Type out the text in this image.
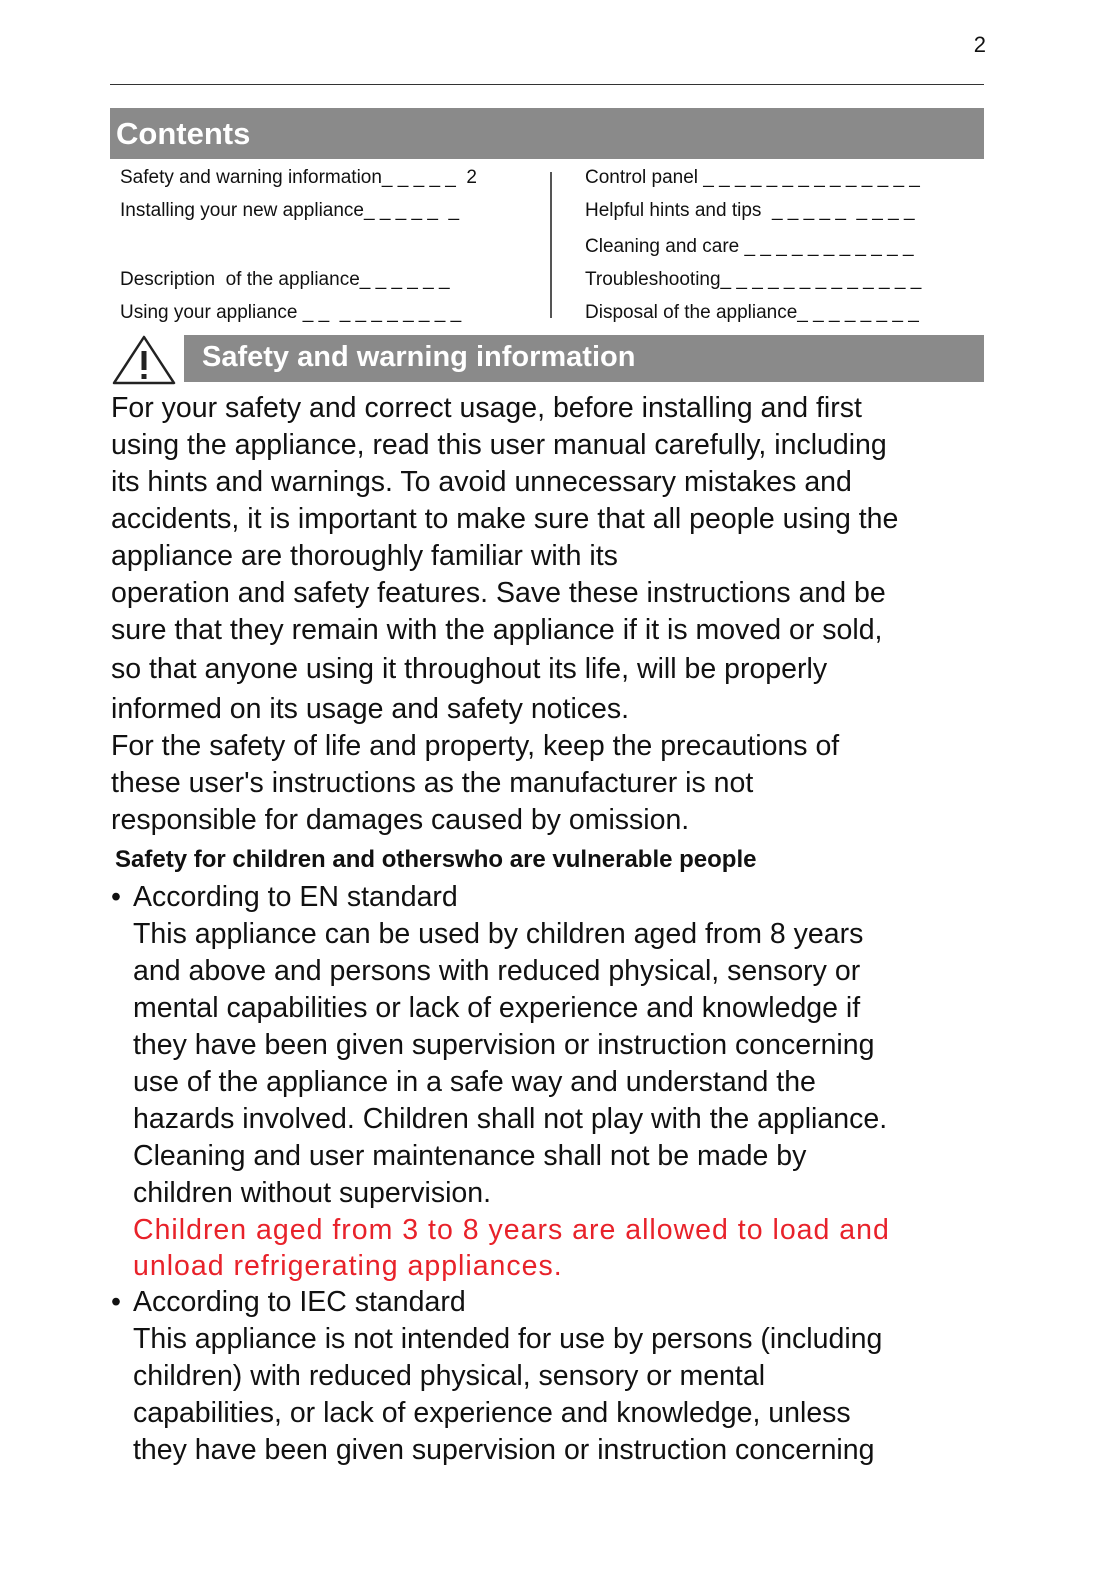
2
Contents
Safety and warning information_ _ _ _ _  2
Installing your new appliance_ _ _ _ _  _
Description  of the appliance_ _ _ _ _ _
Using your appliance _ _  _ _ _ _ _ _ _ _
Control panel _ _ _ _ _ _ _ _ _ _ _ _ _ _
Helpful hints and tips  _ _ _ _ _  _ _ _ _
Cleaning and care _ _ _ _ _ _ _ _ _ _ _
Troubleshooting_ _ _ _ _ _ _ _ _ _ _ _ _
Disposal of the appliance_ _ _ _ _ _ _ _
Safety and warning information

For your safety and correct usage, before installing and first

using the appliance, read this user manual carefully, including

its hints and warnings. To avoid unnecessary mistakes and

accidents, it is important to make sure that all people using the

appliance are thoroughly familiar with its

operation and safety features. Save these instructions and be

sure that they remain with the appliance if it is moved or sold,

so that anyone using it throughout its life, will be properly

informed on its usage and safety notices.

For the safety of life and property, keep the precautions of

these user's instructions as the manufacturer is not

responsible for damages caused by omission.

Safety for children and otherswho are vulnerable people

• According to EN standard

This appliance can be used by children aged from 8 years

and above and persons with reduced physical, sensory or

mental capabilities or lack of experience and knowledge if

they have been given supervision or instruction concerning

use of the appliance in a safe way and understand the

hazards involved. Children shall not play with the appliance.

Cleaning and user maintenance shall not be made by

children without supervision.

Children aged from 3 to 8 years are allowed to load and

unload refrigerating appliances.

• According to IEC standard

This appliance is not intended for use by persons (including

children) with reduced physical, sensory or mental

capabilities, or lack of experience and knowledge, unless

they have been given supervision or instruction concerning
